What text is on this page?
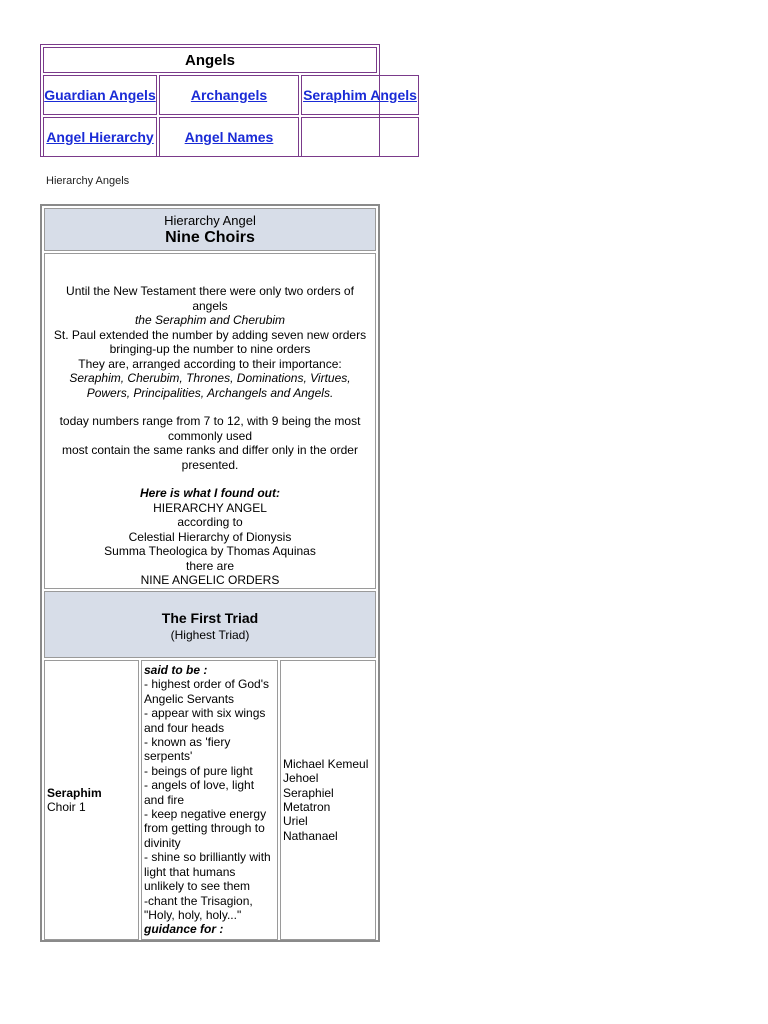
Angels
Guardian Angels	Archangels	Seraphim Angels
Angel Hierarchy Angel Names
Hierarchy Angels
Hierarchy Angel
Nine Choirs
Until the New Testament there were only two orders of angels
the Seraphim and Cherubim
St. Paul extended the number by adding seven new orders bringing-up the number to nine orders
They are, arranged according to their importance:
Seraphim, Cherubim, Thrones, Dominations, Virtues, Powers, Principalities, Archangels and Angels.
today numbers range from 7 to 12, with 9 being the most commonly used
most contain the same ranks and differ only in the order presented.
Here is what I found out:
HIERARCHY ANGEL
according to
Celestial Hierarchy of Dionysis
Summa Theologica by Thomas Aquinas
there are
NINE ANGELIC ORDERS
The First Triad
(Highest Triad)
Seraphim
Choir 1
said to be :
- highest order of God's Angelic Servants
- appear with six wings and four heads
- known as 'fiery serpents'
- beings of pure light
- angels of love, light and fire
- keep negative energy from getting through to divinity
- shine so brilliantly with light that humans unlikely to see them
-chant the Trisagion, "Holy, holy, holy..."
guidance for :
Michael Kemeul
Jehoel
Seraphiel
Metatron
Uriel
Nathanael
